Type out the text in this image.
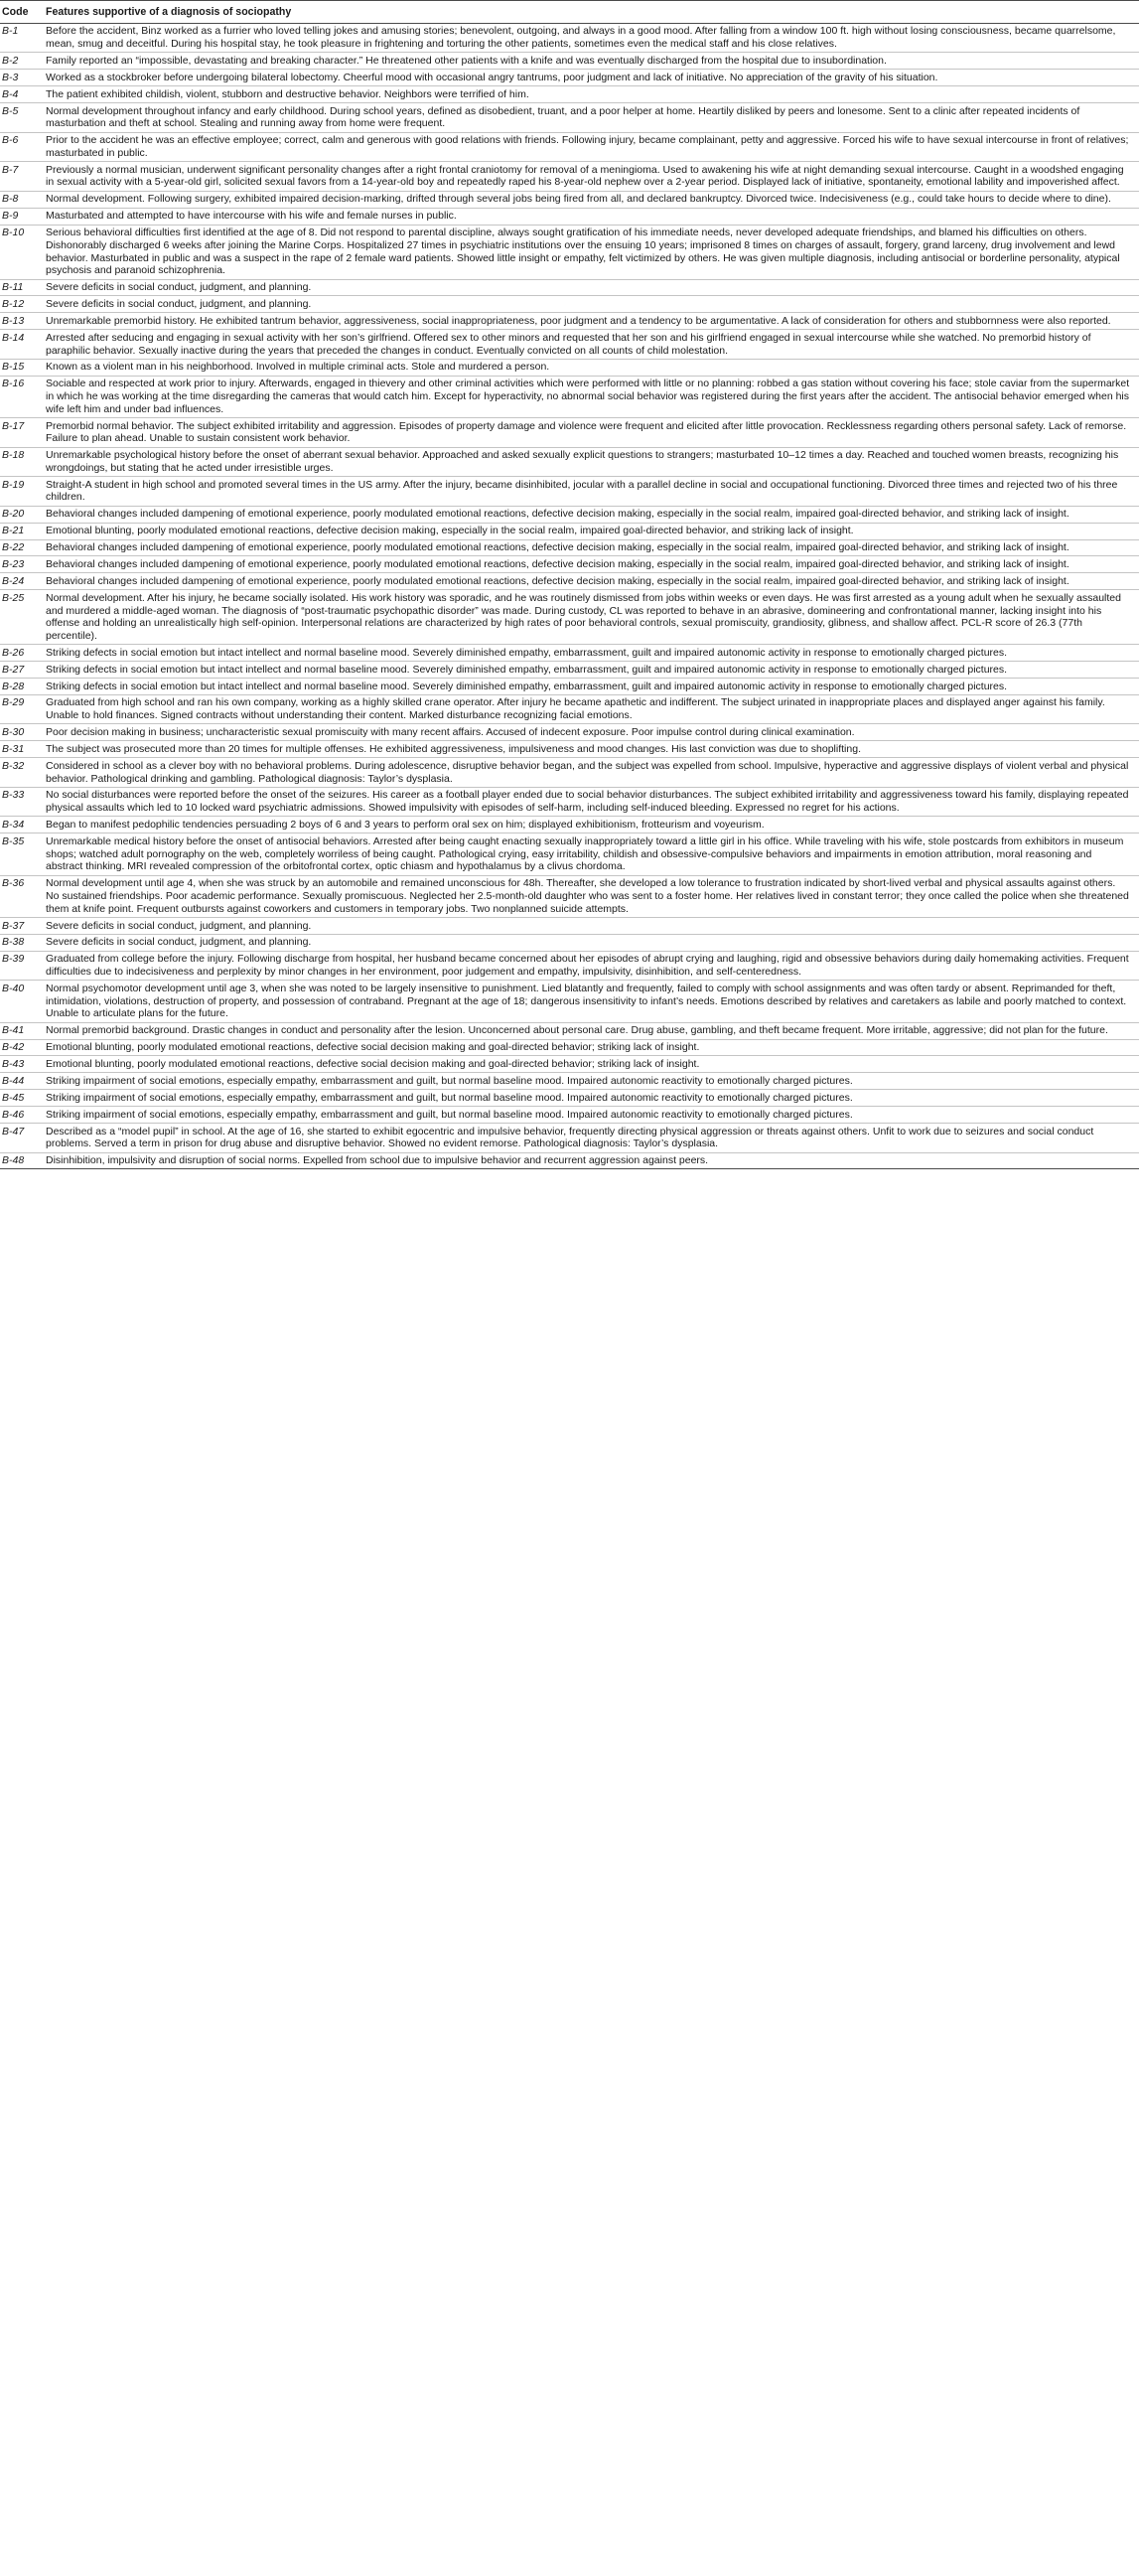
Code	Features supportive of a diagnosis of sociopathy
B-1	Before the accident, Binz worked as a furrier who loved telling jokes and amusing stories; benevolent, outgoing, and always in a good mood. After falling from a window 100 ft. high without losing consciousness, became quarrelsome, mean, smug and deceitful. During his hospital stay, he took pleasure in frightening and torturing the other patients, sometimes even the medical staff and his close relatives.
B-2	Family reported an “impossible, devastating and breaking character.” He threatened other patients with a knife and was eventually discharged from the hospital due to insubordination.
B-3	Worked as a stockbroker before undergoing bilateral lobectomy. Cheerful mood with occasional angry tantrums, poor judgment and lack of initiative. No appreciation of the gravity of his situation.
B-4	The patient exhibited childish, violent, stubborn and destructive behavior. Neighbors were terrified of him.
B-5	Normal development throughout infancy and early childhood. During school years, defined as disobedient, truant, and a poor helper at home. Heartily disliked by peers and lonesome. Sent to a clinic after repeated incidents of masturbation and theft at school. Stealing and running away from home were frequent.
B-6	Prior to the accident he was an effective employee; correct, calm and generous with good relations with friends. Following injury, became complainant, petty and aggressive. Forced his wife to have sexual intercourse in front of relatives; masturbated in public.
B-7	Previously a normal musician, underwent significant personality changes after a right frontal craniotomy for removal of a meningioma. Used to awakening his wife at night demanding sexual intercourse. Caught in a woodshed engaging in sexual activity with a 5-year-old girl, solicited sexual favors from a 14-year-old boy and repeatedly raped his 8-year-old nephew over a 2-year period. Displayed lack of initiative, spontaneity, emotional lability and impoverished affect.
B-8	Normal development. Following surgery, exhibited impaired decision-marking, drifted through several jobs being fired from all, and declared bankruptcy. Divorced twice. Indecisiveness (e.g., could take hours to decide where to dine).
B-9	Masturbated and attempted to have intercourse with his wife and female nurses in public.
B-10	Serious behavioral difficulties first identified at the age of 8. Did not respond to parental discipline, always sought gratification of his immediate needs, never developed adequate friendships, and blamed his difficulties on others. Dishonorably discharged 6 weeks after joining the Marine Corps. Hospitalized 27 times in psychiatric institutions over the ensuing 10 years; imprisoned 8 times on charges of assault, forgery, grand larceny, drug involvement and lewd behavior. Masturbated in public and was a suspect in the rape of 2 female ward patients. Showed little insight or empathy, felt victimized by others. He was given multiple diagnosis, including antisocial or borderline personality, atypical psychosis and paranoid schizophrenia.
B-11	Severe deficits in social conduct, judgment, and planning.
B-12	Severe deficits in social conduct, judgment, and planning.
B-13	Unremarkable premorbid history. He exhibited tantrum behavior, aggressiveness, social inappropriateness, poor judgment and a tendency to be argumentative. A lack of consideration for others and stubbornness were also reported.
B-14	Arrested after seducing and engaging in sexual activity with her son’s girlfriend. Offered sex to other minors and requested that her son and his girlfriend engaged in sexual intercourse while she watched. No premorbid history of paraphilic behavior. Sexually inactive during the years that preceded the changes in conduct. Eventually convicted on all counts of child molestation.
B-15	Known as a violent man in his neighborhood. Involved in multiple criminal acts. Stole and murdered a person.
B-16	Sociable and respected at work prior to injury. Afterwards, engaged in thievery and other criminal activities which were performed with little or no planning: robbed a gas station without covering his face; stole caviar from the supermarket in which he was working at the time disregarding the cameras that would catch him. Except for hyperactivity, no abnormal social behavior was registered during the first years after the accident. The antisocial behavior emerged when his wife left him and under bad influences.
B-17	Premorbid normal behavior. The subject exhibited irritability and aggression. Episodes of property damage and violence were frequent and elicited after little provocation. Recklessness regarding others personal safety. Lack of remorse. Failure to plan ahead. Unable to sustain consistent work behavior.
B-18	Unremarkable psychological history before the onset of aberrant sexual behavior. Approached and asked sexually explicit questions to strangers; masturbated 10–12 times a day. Reached and touched women breasts, recognizing his wrongdoings, but stating that he acted under irresistible urges.
B-19	Straight-A student in high school and promoted several times in the US army. After the injury, became disinhibited, jocular with a parallel decline in social and occupational functioning. Divorced three times and rejected two of his three children.
B-20	Behavioral changes included dampening of emotional experience, poorly modulated emotional reactions, defective decision making, especially in the social realm, impaired goal-directed behavior, and striking lack of insight.
B-21	Emotional blunting, poorly modulated emotional reactions, defective decision making, especially in the social realm, impaired goal-directed behavior, and striking lack of insight.
B-22	Behavioral changes included dampening of emotional experience, poorly modulated emotional reactions, defective decision making, especially in the social realm, impaired goal-directed behavior, and striking lack of insight.
B-23	Behavioral changes included dampening of emotional experience, poorly modulated emotional reactions, defective decision making, especially in the social realm, impaired goal-directed behavior, and striking lack of insight.
B-24	Behavioral changes included dampening of emotional experience, poorly modulated emotional reactions, defective decision making, especially in the social realm, impaired goal-directed behavior, and striking lack of insight.
B-25	Normal development. After his injury, he became socially isolated. His work history was sporadic, and he was routinely dismissed from jobs within weeks or even days. He was first arrested as a young adult when he sexually assaulted and murdered a middle-aged woman. The diagnosis of “post-traumatic psychopathic disorder” was made. During custody, CL was reported to behave in an abrasive, domineering and confrontational manner, lacking insight into his offense and holding an unrealistically high self-opinion. Interpersonal relations are characterized by high rates of poor behavioral controls, sexual promiscuity, grandiosity, glibness, and shallow affect. PCL-R score of 26.3 (77th percentile).
B-26	Striking defects in social emotion but intact intellect and normal baseline mood. Severely diminished empathy, embarrassment, guilt and impaired autonomic activity in response to emotionally charged pictures.
B-27	Striking defects in social emotion but intact intellect and normal baseline mood. Severely diminished empathy, embarrassment, guilt and impaired autonomic activity in response to emotionally charged pictures.
B-28	Striking defects in social emotion but intact intellect and normal baseline mood. Severely diminished empathy, embarrassment, guilt and impaired autonomic activity in response to emotionally charged pictures.
B-29	Graduated from high school and ran his own company, working as a highly skilled crane operator. After injury he became apathetic and indifferent. The subject urinated in inappropriate places and displayed anger against his family. Unable to hold finances. Signed contracts without understanding their content. Marked disturbance recognizing facial emotions.
B-30	Poor decision making in business; uncharacteristic sexual promiscuity with many recent affairs. Accused of indecent exposure. Poor impulse control during clinical examination.
B-31	The subject was prosecuted more than 20 times for multiple offenses. He exhibited aggressiveness, impulsiveness and mood changes. His last conviction was due to shoplifting.
B-32	Considered in school as a clever boy with no behavioral problems. During adolescence, disruptive behavior began, and the subject was expelled from school. Impulsive, hyperactive and aggressive displays of violent verbal and physical behavior. Pathological drinking and gambling. Pathological diagnosis: Taylor’s dysplasia.
B-33	No social disturbances were reported before the onset of the seizures. His career as a football player ended due to social behavior disturbances. The subject exhibited irritability and aggressiveness toward his family, displaying repeated physical assaults which led to 10 locked ward psychiatric admissions. Showed impulsivity with episodes of self-harm, including self-induced bleeding. Expressed no regret for his actions.
B-34	Began to manifest pedophilic tendencies persuading 2 boys of 6 and 3 years to perform oral sex on him; displayed exhibitionism, frotteurism and voyeurism.
B-35	Unremarkable medical history before the onset of antisocial behaviors. Arrested after being caught enacting sexually inappropriately toward a little girl in his office. While traveling with his wife, stole postcards from exhibitors in museum shops; watched adult pornography on the web, completely worriless of being caught. Pathological crying, easy irritability, childish and obsessive-compulsive behaviors and impairments in emotion attribution, moral reasoning and abstract thinking. MRI revealed compression of the orbitofrontal cortex, optic chiasm and hypothalamus by a clivus chordoma.
B-36	Normal development until age 4, when she was struck by an automobile and remained unconscious for 48h. Thereafter, she developed a low tolerance to frustration indicated by short-lived verbal and physical assaults against others. No sustained friendships. Poor academic performance. Sexually promiscuous. Neglected her 2.5-month-old daughter who was sent to a foster home. Her relatives lived in constant terror; they once called the police when she threatened them at knife point. Frequent outbursts against coworkers and customers in temporary jobs. Two nonplanned suicide attempts.
B-37	Severe deficits in social conduct, judgment, and planning.
B-38	Severe deficits in social conduct, judgment, and planning.
B-39	Graduated from college before the injury. Following discharge from hospital, her husband became concerned about her episodes of abrupt crying and laughing, rigid and obsessive behaviors during daily homemaking activities. Frequent difficulties due to indecisiveness and perplexity by minor changes in her environment, poor judgement and empathy, impulsivity, disinhibition, and self-centeredness.
B-40	Normal psychomotor development until age 3, when she was noted to be largely insensitive to punishment. Lied blatantly and frequently, failed to comply with school assignments and was often tardy or absent. Reprimanded for theft, intimidation, violations, destruction of property, and possession of contraband. Pregnant at the age of 18; dangerous insensitivity to infant’s needs. Emotions described by relatives and caretakers as labile and poorly matched to context. Unable to articulate plans for the future.
B-41	Normal premorbid background. Drastic changes in conduct and personality after the lesion. Unconcerned about personal care. Drug abuse, gambling, and theft became frequent. More irritable, aggressive; did not plan for the future.
B-42	Emotional blunting, poorly modulated emotional reactions, defective social decision making and goal-directed behavior; striking lack of insight.
B-43	Emotional blunting, poorly modulated emotional reactions, defective social decision making and goal-directed behavior; striking lack of insight.
B-44	Striking impairment of social emotions, especially empathy, embarrassment and guilt, but normal baseline mood. Impaired autonomic reactivity to emotionally charged pictures.
B-45	Striking impairment of social emotions, especially empathy, embarrassment and guilt, but normal baseline mood. Impaired autonomic reactivity to emotionally charged pictures.
B-46	Striking impairment of social emotions, especially empathy, embarrassment and guilt, but normal baseline mood. Impaired autonomic reactivity to emotionally charged pictures.
B-47	Described as a “model pupil” in school. At the age of 16, she started to exhibit egocentric and impulsive behavior, frequently directing physical aggression or threats against others. Unfit to work due to seizures and social conduct problems. Served a term in prison for drug abuse and disruptive behavior. Showed no evident remorse. Pathological diagnosis: Taylor’s dysplasia.
B-48	Disinhibition, impulsivity and disruption of social norms. Expelled from school due to impulsive behavior and recurrent aggression against peers.
